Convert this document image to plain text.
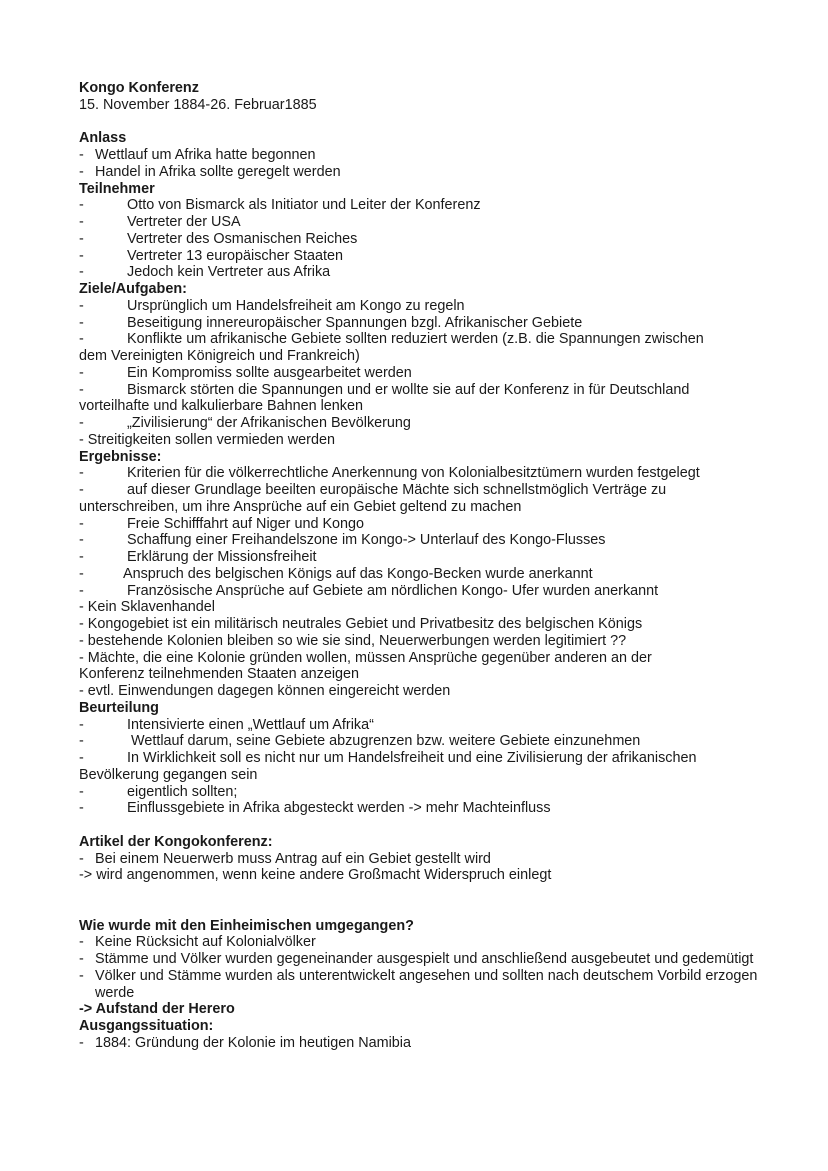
Kongo Konferenz
15. November 1884-26. Februar1885
Anlass
- Wettlauf um Afrika hatte begonnen
- Handel in Afrika sollte geregelt werden
Teilnehmer
-	Otto von Bismarck als Initiator und Leiter der Konferenz
-	Vertreter der USA
-	Vertreter des Osmanischen Reiches
-	Vertreter 13 europäischer Staaten
-	Jedoch kein Vertreter aus Afrika
Ziele/Aufgaben:
-	Ursprünglich um Handelsfreiheit am Kongo zu regeln
-	Beseitigung innereuropäischer Spannungen bzgl. Afrikanischer Gebiete
-	Konflikte um afrikanische Gebiete sollten reduziert werden (z.B. die Spannungen zwischen
dem Vereinigten Königreich und Frankreich)
-	Ein Kompromiss sollte ausgearbeitet werden
-	Bismarck störten die Spannungen und er wollte sie auf der Konferenz in für Deutschland
vorteilhafte und kalkulierbare Bahnen lenken
-	„Zivilisierung“ der Afrikanischen Bevölkerung
- Streitigkeiten sollen vermieden werden
Ergebnisse:
-	Kriterien für die völkerrechtliche Anerkennung von Kolonialbesitztümern wurden festgelegt
-	auf dieser Grundlage beeilten europäische Mächte sich schnellstmöglich Verträge zu
unterschreiben, um ihre Ansprüche auf ein Gebiet geltend zu machen
-	Freie Schifffahrt auf Niger und Kongo
-	Schaffung einer Freihandelszone im Kongo-> Unterlauf des Kongo-Flusses
-	Erklärung der Missionsfreiheit
-	Anspruch des belgischen Königs auf das Kongo-Becken wurde anerkannt
-	Französische Ansprüche auf Gebiete am nördlichen Kongo- Ufer wurden anerkannt
- Kein Sklavenhandel
- Kongogebiet ist ein militärisch neutrales Gebiet und Privatbesitz des belgischen Königs
- bestehende Kolonien bleiben so wie sie sind, Neuerwerbungen werden legitimiert ??
- Mächte, die eine Kolonie gründen wollen, müssen Ansprüche gegenüber anderen an der
Konferenz teilnehmenden Staaten anzeigen
- evtl. Einwendungen dagegen können eingereicht werden
Beurteilung
-	Intensivierte einen „Wettlauf um Afrika“
-	Wettlauf darum, seine Gebiete abzugrenzen bzw. weitere Gebiete einzunehmen
-	In Wirklichkeit soll es nicht nur um Handelsfreiheit und eine Zivilisierung der afrikanischen
Bevölkerung gegangen sein
-	eigentlich sollten;
-	Einflussgebiete in Afrika abgesteckt werden -> mehr Machteinfluss
Artikel der Kongokonferenz:
- Bei einem Neuerwerb muss Antrag auf ein Gebiet gestellt wird
-> wird angenommen, wenn keine andere Großmacht Widerspruch einlegt
Wie wurde mit den Einheimischen umgegangen?
- Keine Rücksicht auf Kolonialvölker
- Stämme und Völker wurden gegeneinander ausgespielt und anschließend ausgebeutet und gedemütigt
- Völker und Stämme wurden als unterentwickelt angesehen und sollten nach deutschem Vorbild erzogen werde
-> Aufstand der Herero
Ausgangssituation:
- 1884: Gründung der Kolonie im heutigen Namibia
